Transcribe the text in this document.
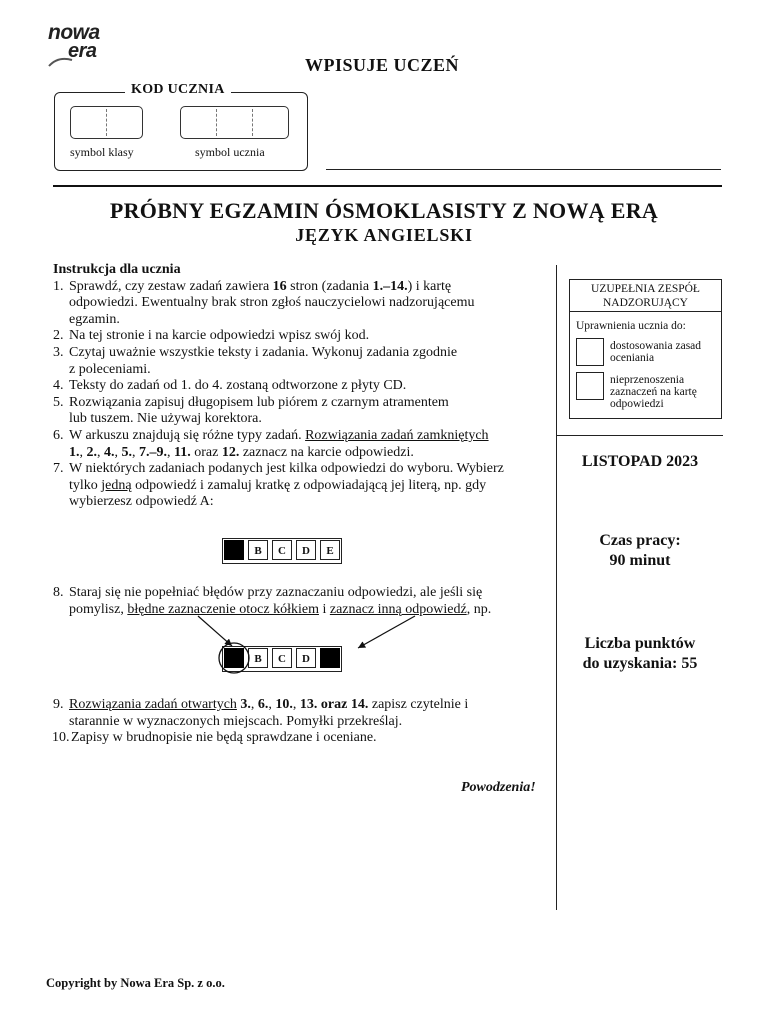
nowa
era
WPISUJE UCZEŃ
KOD UCZNIA
symbol klasy	symbol ucznia
PRÓBNY EGZAMIN ÓSMOKLASISTY Z NOWĄ ERĄ
JĘZYK ANGIELSKI
Instrukcja dla ucznia
1. Sprawdź, czy zestaw zadań zawiera 16 stron (zadania 1.–14.) i kartę
odpowiedzi. Ewentualny brak stron zgłoś nauczycielowi nadzorującemu
egzamin.
2. Na tej stronie i na karcie odpowiedzi wpisz swój kod.
3. Czytaj uważnie wszystkie teksty i zadania. Wykonuj zadania zgodnie
z poleceniami.
4. Teksty do zadań od 1. do 4. zostaną odtworzone z płyty CD.
5. Rozwiązania zapisuj długopisem lub piórem z czarnym atramentem
lub tuszem. Nie używaj korektora.
6. W arkuszu znajdują się różne typy zadań. Rozwiązania zadań zamkniętych
1., 2., 4., 5., 7.–9., 11. oraz 12. zaznacz na karcie odpowiedzi.
7. W niektórych zadaniach podanych jest kilka odpowiedzi do wyboru. Wybierz
tylko jedną odpowiedź i zamaluj kratkę z odpowiadającą jej literą, np. gdy
wybierzesz odpowiedź A:
B	C	D	E
8. Staraj się nie popełniać błędów przy zaznaczaniu odpowiedzi, ale jeśli się
pomylisz, błędne zaznaczenie otocz kółkiem i zaznacz inną odpowiedź, np.
B	C	D
9. Rozwiązania zadań otwartych 3., 6., 10., 13. oraz 14. zapisz czytelnie i
starannie w wyznaczonych miejscach. Pomyłki przekreślaj.
10. Zapisy w brudnopisie nie będą sprawdzane i oceniane.
Powodzenia!
UZUPEŁNIA ZESPÓŁ NADZORUJĄCY
Uprawnienia ucznia do:
dostosowania zasad oceniania
nieprzenoszenia zaznaczeń na kartę odpowiedzi
LISTOPAD 2023
Czas pracy:
90 minut
Liczba punktów
do uzyskania: 55
Copyright by Nowa Era Sp. z o.o.
